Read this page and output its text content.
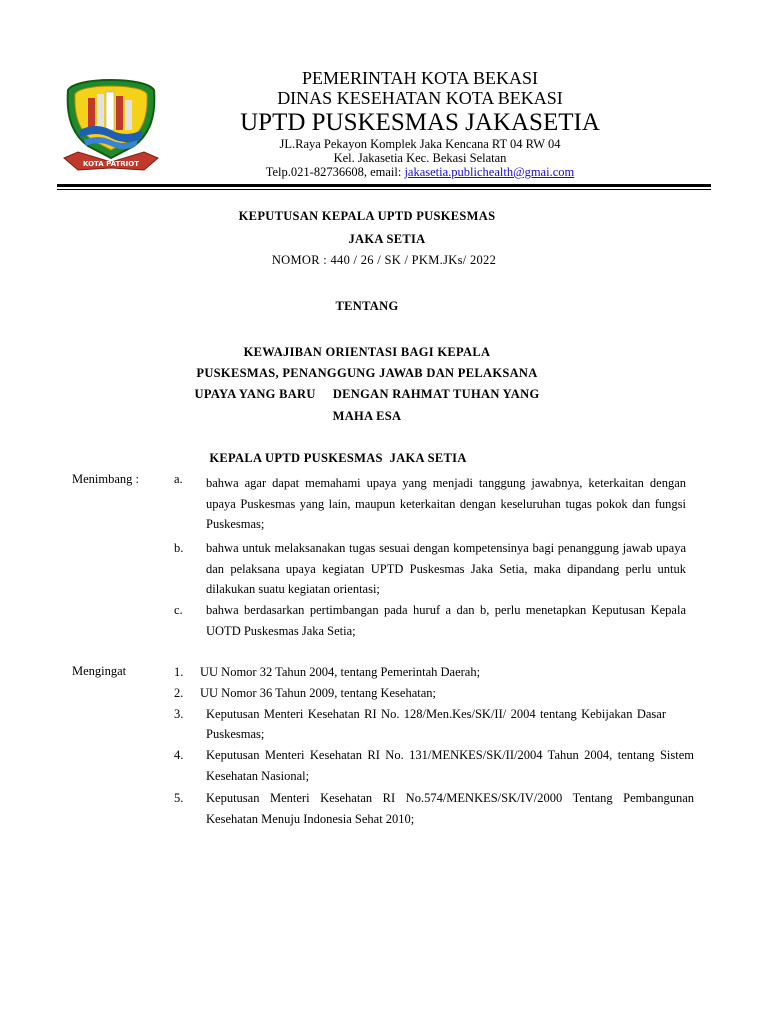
KOTA PATRIOT
PEMERINTAH KOTA BEKASI
DINAS KESEHATAN KOTA BEKASI
UPTD PUSKESMAS JAKASETIA
JL.Raya Pekayon Komplek Jaka Kencana RT 04 RW 04
Kel. Jakasetia Kec. Bekasi Selatan
Telp.021-82736608, email: jakasetia.publichealth@gmai.com
KEPUTUSAN KEPALA UPTD PUSKESMAS
JAKA SETIA
NOMOR : 440 / 26 / SK / PKM.JKs/ 2022
TENTANG
KEWAJIBAN ORIENTASI BAGI KEPALA
PUSKESMAS, PENANGGUNG JAWAB DAN PELAKSANA
UPAYA YANG BARU     DENGAN RAHMAT TUHAN YANG
MAHA ESA
KEPALA UPTD PUSKESMAS  JAKA SETIA
Menimbang :	a. bahwa agar dapat memahami upaya yang menjadi tanggung jawabnya, keterkaitan dengan upaya Puskesmas yang lain, maupun keterkaitan dengan keseluruhan tugas pokok dan fungsi Puskesmas;
b. bahwa untuk melaksanakan tugas sesuai dengan kompetensinya bagi penanggung jawab upaya dan pelaksana upaya kegiatan UPTD Puskesmas Jaka Setia, maka dipandang perlu untuk dilakukan suatu kegiatan orientasi;
c. bahwa berdasarkan pertimbangan pada huruf a dan b, perlu menetapkan Keputusan Kepala UOTD Puskesmas Jaka Setia;
Mengingat	1. UU Nomor 32 Tahun 2004, tentang Pemerintah Daerah;
2. UU Nomor 36 Tahun 2009, tentang Kesehatan;
3. Keputusan Menteri Kesehatan RI No. 128/Men.Kes/SK/II/ 2004 tentang Kebijakan Dasar Puskesmas;
4. Keputusan Menteri Kesehatan RI No. 131/MENKES/SK/II/2004 Tahun 2004, tentang Sistem Kesehatan Nasional;
5. Keputusan Menteri Kesehatan RI No.574/MENKES/SK/IV/2000 Tentang Pembangunan Kesehatan Menuju Indonesia Sehat 2010;
